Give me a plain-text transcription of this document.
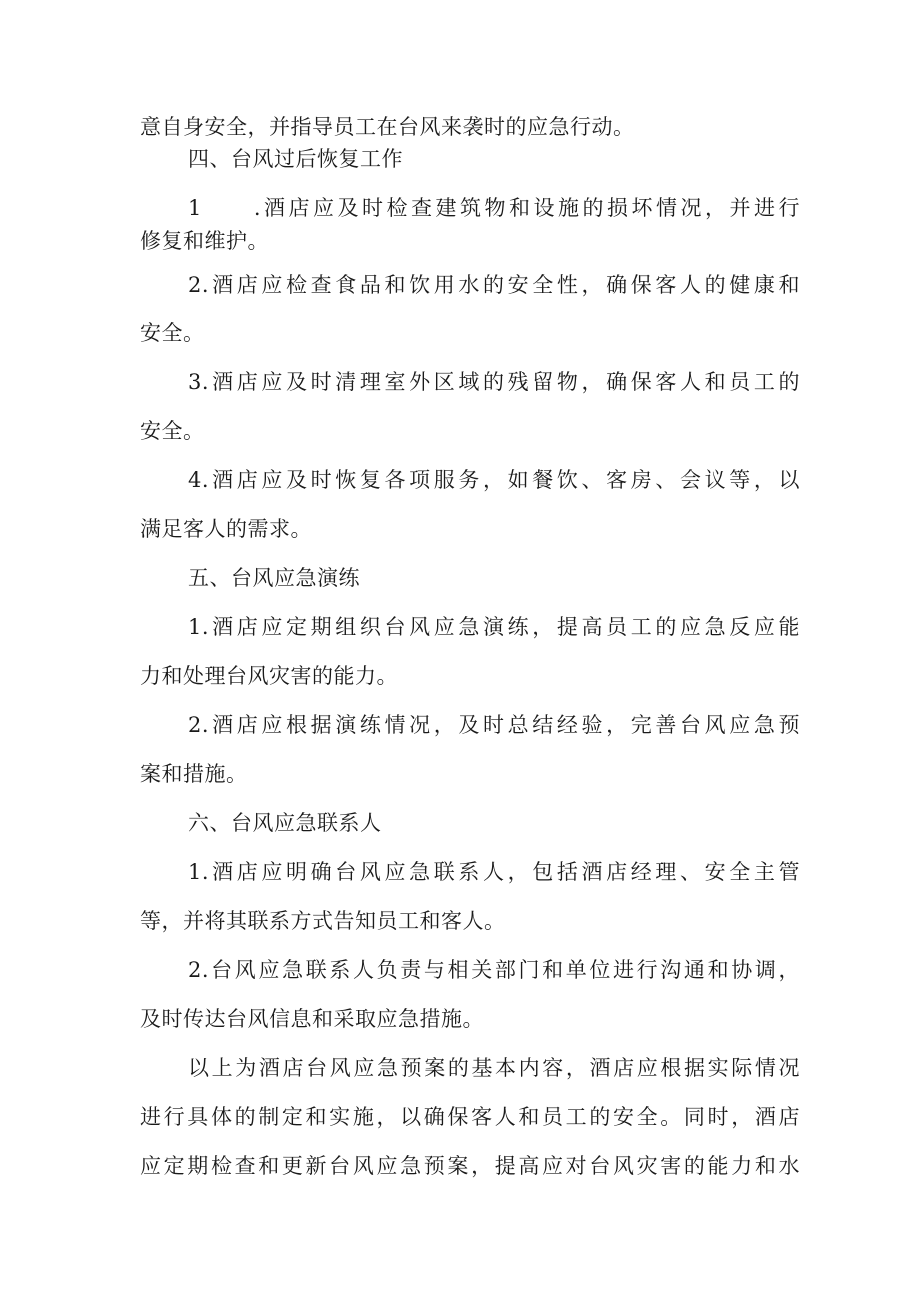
意自身安全，并指导员工在台风来袭时的应急行动。
四、台风过后恢复工作
1　　.酒店应及时检查建筑物和设施的损坏情况，并进行
修复和维护。
2.酒店应检查食品和饮用水的安全性，确保客人的健康和
安全。
3.酒店应及时清理室外区域的残留物，确保客人和员工的
安全。
4.酒店应及时恢复各项服务，如餐饮、客房、会议等，以
满足客人的需求。
五、台风应急演练
1.酒店应定期组织台风应急演练，提高员工的应急反应能
力和处理台风灾害的能力。
2.酒店应根据演练情况，及时总结经验，完善台风应急预
案和措施。
六、台风应急联系人
1.酒店应明确台风应急联系人，包括酒店经理、安全主管
等，并将其联系方式告知员工和客人。
2.台风应急联系人负责与相关部门和单位进行沟通和协调，
及时传达台风信息和采取应急措施。
以上为酒店台风应急预案的基本内容，酒店应根据实际情况
进行具体的制定和实施，以确保客人和员工的安全。同时，酒店
应定期检查和更新台风应急预案，提高应对台风灾害的能力和水
